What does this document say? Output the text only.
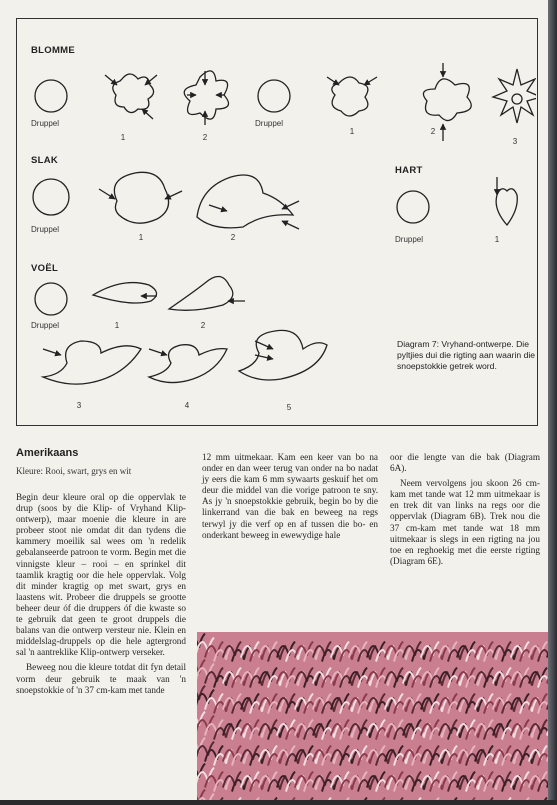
BLOMME
Druppel
1	2
Druppel
1	2
3
SLAK
Druppel
1	2
HART
Druppel	1
VOËL
Druppel	1	2
3	4	5
Diagram 7: Vryhand-ontwerpe. Die pyltjies dui die rigting aan waarin die snoepstokkie getrek word.
Amerikaans
Kleure: Rooi, swart, grys en wit

Begin deur kleure oral op die oppervlak te drup (soos by die Klip- of Vryhand Klip-ontwerp), maar moenie die kleure in are probeer stoot nie omdat dit dan tydens die kammery moeilik sal wees om 'n redelik gebalanseerde patroon te vorm. Begin met die vinnigste kleur – rooi – en sprinkel dit taamlik kragtig oor die hele oppervlak. Volg dit minder kragtig op met swart, grys en laastens wit. Probeer die druppels se grootte beheer deur óf die druppers óf die kwaste so te gebruik dat geen te groot druppels die balans van die ontwerp versteur nie. Klein en middelslag-druppels op die hele agtergrond sal 'n aantreklike Klip-ontwerp verseker.

Beweeg nou die kleure totdat dit fyn detail vorm deur gebruik te maak van 'n snoepstokkie of 'n 37 cm-kam met tande

12 mm uitmekaar. Kam een keer van bo na onder en dan weer terug van onder na bo nadat jy eers die kam 6 mm sywaarts geskuif het om deur die middel van die vorige patroon te sny. As jy 'n snoepstokkie gebruik, begin bo by die linkerrand van die bak en beweeg na regs terwyl jy die verf op en af tussen die bo- en onderkant beweeg in ewewydige hale

oor die lengte van die bak (Diagram 6A).

Neem vervolgens jou skoon 26 cm-kam met tande wat 12 mm uitmekaar is en trek dit van links na regs oor die oppervlak (Diagram 6B). Trek nou die 37 cm-kam met tande wat 18 mm uitmekaar is slegs in een rigting na jou toe en reghoekig met die eerste rigting (Diagram 6E).
